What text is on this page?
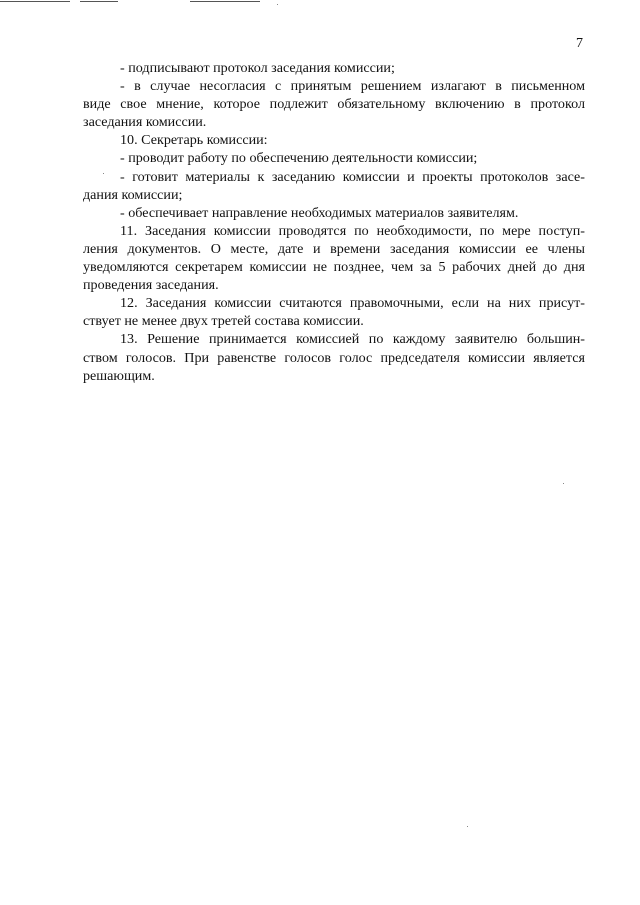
7
- подписывают протокол заседания комиссии;
- в случае несогласия с принятым решением излагают в письменном
виде свое мнение, которое подлежит обязательному включению в протокол
заседания комиссии.
10. Секретарь комиссии:
- проводит работу по обеспечению деятельности комиссии;
- готовит материалы к заседанию комиссии и проекты протоколов засе-
дания комиссии;
- обеспечивает направление необходимых материалов заявителям.
11. Заседания комиссии проводятся по необходимости, по мере поступ-
ления документов. О месте, дате и времени заседания комиссии ее члены
уведомляются секретарем комиссии не позднее, чем за 5 рабочих дней до дня
проведения заседания.
12. Заседания комиссии считаются правомочными, если на них присут-
ствует не менее двух третей состава комиссии.
13. Решение принимается комиссией по каждому заявителю большин-
ством голосов. При равенстве голосов голос председателя комиссии является
решающим.
